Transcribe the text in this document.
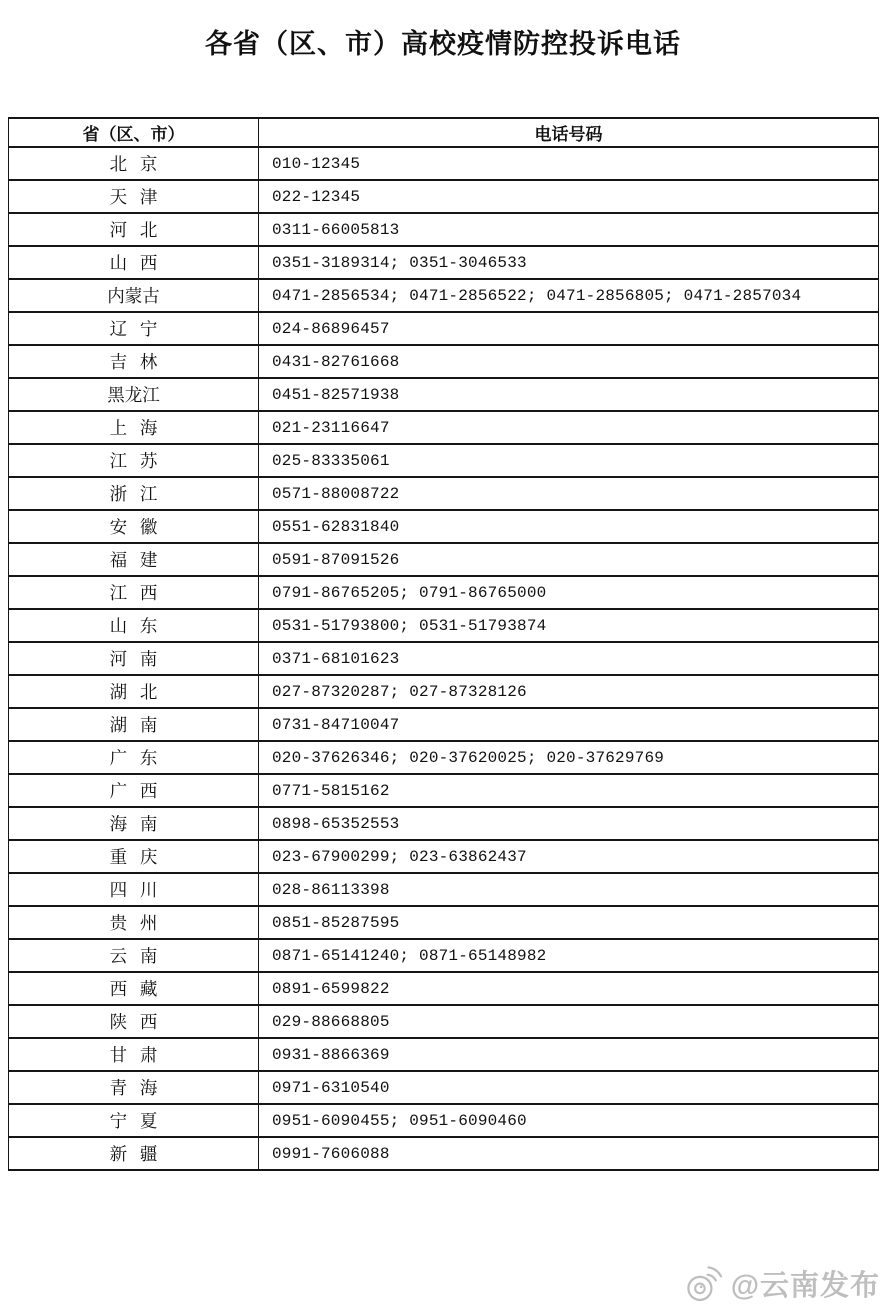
各省（区、市）高校疫情防控投诉电话
省（区、市）	电话号码
北 京	010-12345
天 津	022-12345
河 北	0311-66005813
山 西	0351-3189314; 0351-3046533
内蒙古	0471-2856534; 0471-2856522; 0471-2856805; 0471-2857034
辽 宁	024-86896457
吉 林	0431-82761668
黑龙江	0451-82571938
上 海	021-23116647
江 苏	025-83335061
浙 江	0571-88008722
安 徽	0551-62831840
福 建	0591-87091526
江 西	0791-86765205; 0791-86765000
山 东	0531-51793800; 0531-51793874
河 南	0371-68101623
湖 北	027-87320287; 027-87328126
湖 南	0731-84710047
广 东	020-37626346; 020-37620025; 020-37629769
广 西	0771-5815162
海 南	0898-65352553
重 庆	023-67900299; 023-63862437
四 川	028-86113398
贵 州	0851-85287595
云 南	0871-65141240; 0871-65148982
西 藏	0891-6599822
陕 西	029-88668805
甘 肃	0931-8866369
青 海	0971-6310540
宁 夏	0951-6090455; 0951-6090460
新 疆	0991-7606088
@云南发布
